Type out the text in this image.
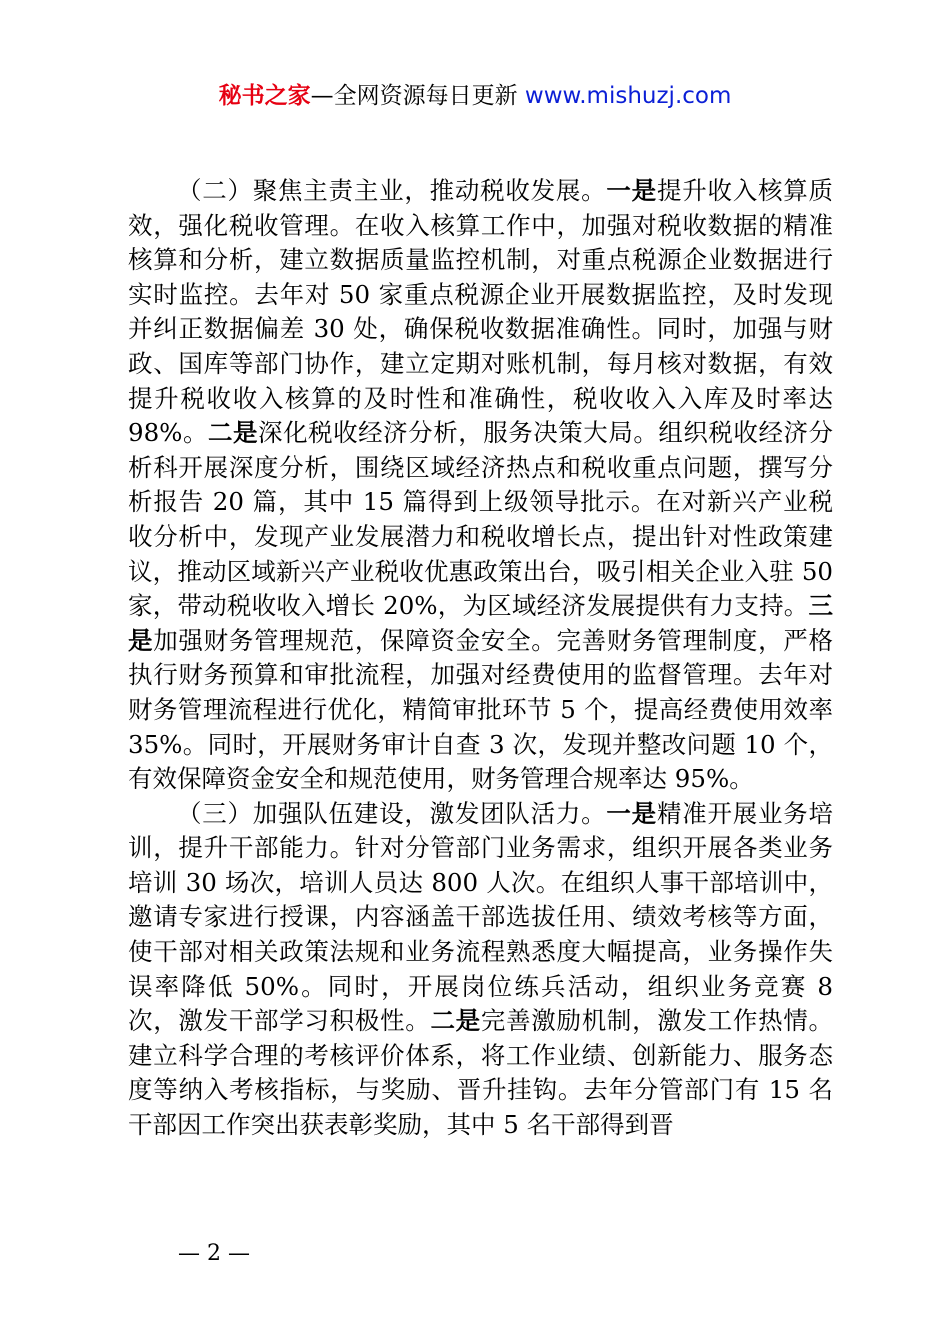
秘书之家—全网资源每日更新 www.mishuzj.com

（二）聚焦主责主业，推动税收发展。一是提升收入核算质效，强化税收管理。在收入核算工作中，加强对税收数据的精准核算和分析，建立数据质量监控机制，对重点税源企业数据进行实时监控。去年对 50 家重点税源企业开展数据监控，及时发现并纠正数据偏差 30 处，确保税收数据准确性。同时，加强与财政、国库等部门协作，建立定期对账机制，每月核对数据，有效提升税收收入核算的及时性和准确性，税收收入入库及时率达 98%。二是深化税收经济分析，服务决策大局。组织税收经济分析科开展深度分析，围绕区域经济热点和税收重点问题，撰写分析报告 20 篇，其中 15 篇得到上级领导批示。在对新兴产业税收分析中，发现产业发展潜力和税收增长点，提出针对性政策建议，推动区域新兴产业税收优惠政策出台，吸引相关企业入驻 50 家，带动税收收入增长 20%，为区域经济发展提供有力支持。三是加强财务管理规范，保障资金安全。完善财务管理制度，严格执行财务预算和审批流程，加强对经费使用的监督管理。去年对财务管理流程进行优化，精简审批环节 5 个，提高经费使用效率 35%。同时，开展财务审计自查 3 次，发现并整改问题 10 个，有效保障资金安全和规范使用，财务管理合规率达 95%。

（三）加强队伍建设，激发团队活力。一是精准开展业务培训，提升干部能力。针对分管部门业务需求，组织开展各类业务培训 30 场次，培训人员达 800 人次。在组织人事干部培训中，邀请专家进行授课，内容涵盖干部选拔任用、绩效考核等方面，使干部对相关政策法规和业务流程熟悉度大幅提高，业务操作失误率降低 50%。同时，开展岗位练兵活动，组织业务竞赛 8 次，激发干部学习积极性。二是完善激励机制，激发工作热情。建立科学合理的考核评价体系，将工作业绩、创新能力、服务态度等纳入考核指标，与奖励、晋升挂钩。去年分管部门有 15 名干部因工作突出获表彰奖励，其中 5 名干部得到晋

— 2 —
